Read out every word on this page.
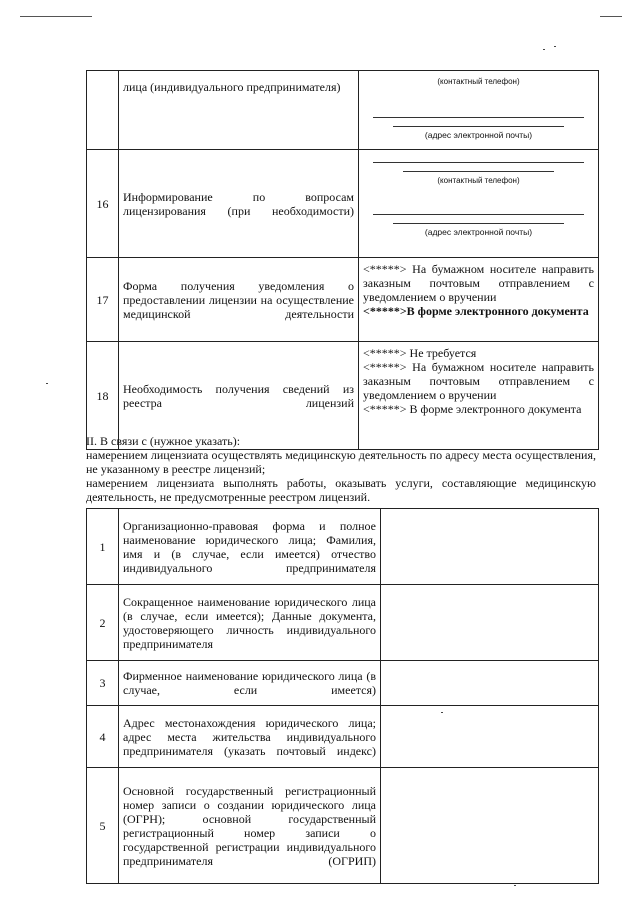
	лица (индивидуального предпринимателя)	(контактный телефон)
(адрес электронной почты)

16	Информирование по вопросам лицензирования (при необходимости)	(контактный телефон)
(адрес электронной почты)

17	Форма получения уведомления о предоставлении лицензии на осуществление медицинской деятельности	<*****> На бумажном носителе направить заказным почтовым отправлением с уведомлением о вручении
<*****>В форме электронного документа

18	Необходимость получения сведений из реестра лицензий	<*****> Не требуется
<*****> На бумажном носителе направить заказным почтовым отправлением с уведомлением о вручении
<*****> В форме электронного документа

II. В связи с (нужное указать):

намерением лицензиата осуществлять медицинскую деятельность по адресу места осуществления, не указанному в реестре лицензий;

намерением лицензиата выполнять работы, оказывать услуги, составляющие медицинскую деятельность, не предусмотренные реестром лицензий.

1	Организационно-правовая форма и полное наименование юридического лица; Фамилия, имя и (в случае, если имеется) отчество индивидуального предпринимателя	
2	Сокращенное наименование юридического лица (в случае, если имеется); Данные документа, удостоверяющего личность индивидуального предпринимателя	
3	Фирменное наименование юридического лица (в случае, если имеется)	
4	Адрес местонахождения юридического лица; адрес места жительства индивидуального предпринимателя (указать почтовый индекс)	
5	Основной государственный регистрационный номер записи о создании юридического лица (ОГРН); основной государственный регистрационный номер записи о государственной регистрации индивидуального предпринимателя (ОГРИП)	
